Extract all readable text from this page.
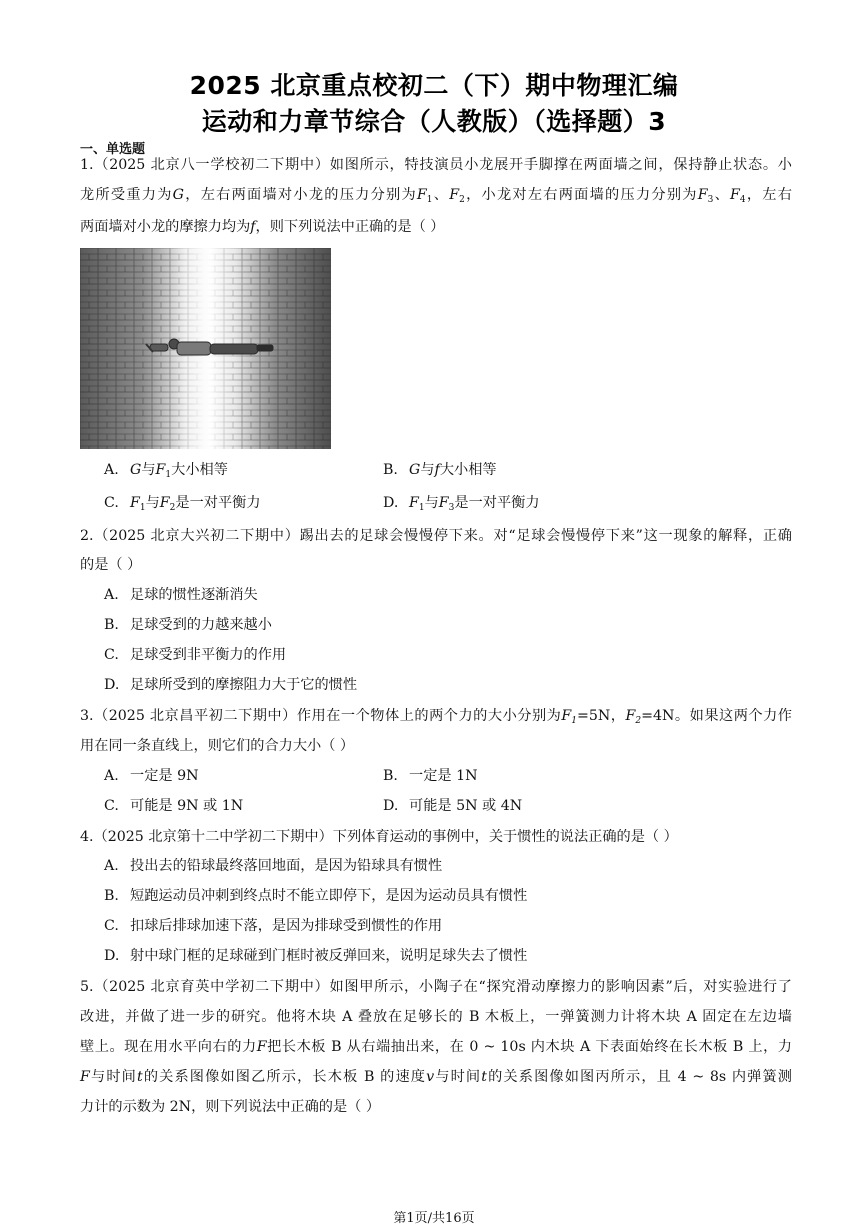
2025 北京重点校初二（下）期中物理汇编
运动和力章节综合（人教版）（选择题）3
一、单选题
1.（2025 北京八一学校初二下期中）如图所示，特技演员小龙展开手脚撑在两面墙之间，保持静止状态。小
龙所受重力为G，左右两面墙对小龙的压力分别为$F_1$、$F_2$，小龙对左右两面墙的压力分别为$F_3$、$F_4$，左右
两面墙对小龙的摩擦力均为f，则下列说法中正确的是（ ）
A. G与$F_1$大小相等	B. G与f大小相等
C. $F_1$与$F_2$是一对平衡力	D. $F_1$与$F_3$是一对平衡力
2.（2025 北京大兴初二下期中）踢出去的足球会慢慢停下来。对“足球会慢慢停下来”这一现象的解释，正确
的是（ ）
A. 足球的惯性逐渐消失
B. 足球受到的力越来越小
C. 足球受到非平衡力的作用
D. 足球所受到的摩擦阻力大于它的惯性
3.（2025 北京昌平初二下期中）作用在一个物体上的两个力的大小分别为$F_1=5N$，$F_2=4N$。如果这两个力作
用在同一条直线上，则它们的合力大小（ ）
A. 一定是 9N	B. 一定是 1N
C. 可能是 9N 或 1N	D. 可能是 5N 或 4N
4.（2025 北京第十二中学初二下期中）下列体育运动的事例中，关于惯性的说法正确的是（ ）
A. 投出去的铅球最终落回地面，是因为铅球具有惯性
B. 短跑运动员冲刺到终点时不能立即停下，是因为运动员具有惯性
C. 扣球后排球加速下落，是因为排球受到惯性的作用
D. 射中球门框的足球碰到门框时被反弹回来，说明足球失去了惯性
5.（2025 北京育英中学初二下期中）如图甲所示，小陶子在“探究滑动摩擦力的影响因素”后，对实验进行了
改进，并做了进一步的研究。他将木块 A 叠放在足够长的 B 木板上，一弹簧测力计将木块 A 固定在左边墙
壁上。现在用水平向右的力F把长木板 B 从右端抽出来，在 0 ~ 10s 内木块 A 下表面始终在长木板 B 上，力
F与时间t的关系图像如图乙所示，长木板 B 的速度v与时间t的关系图像如图丙所示，且 4 ~ 8s 内弹簧测
力计的示数为 2N，则下列说法中正确的是（ ）
第1页/共16页
